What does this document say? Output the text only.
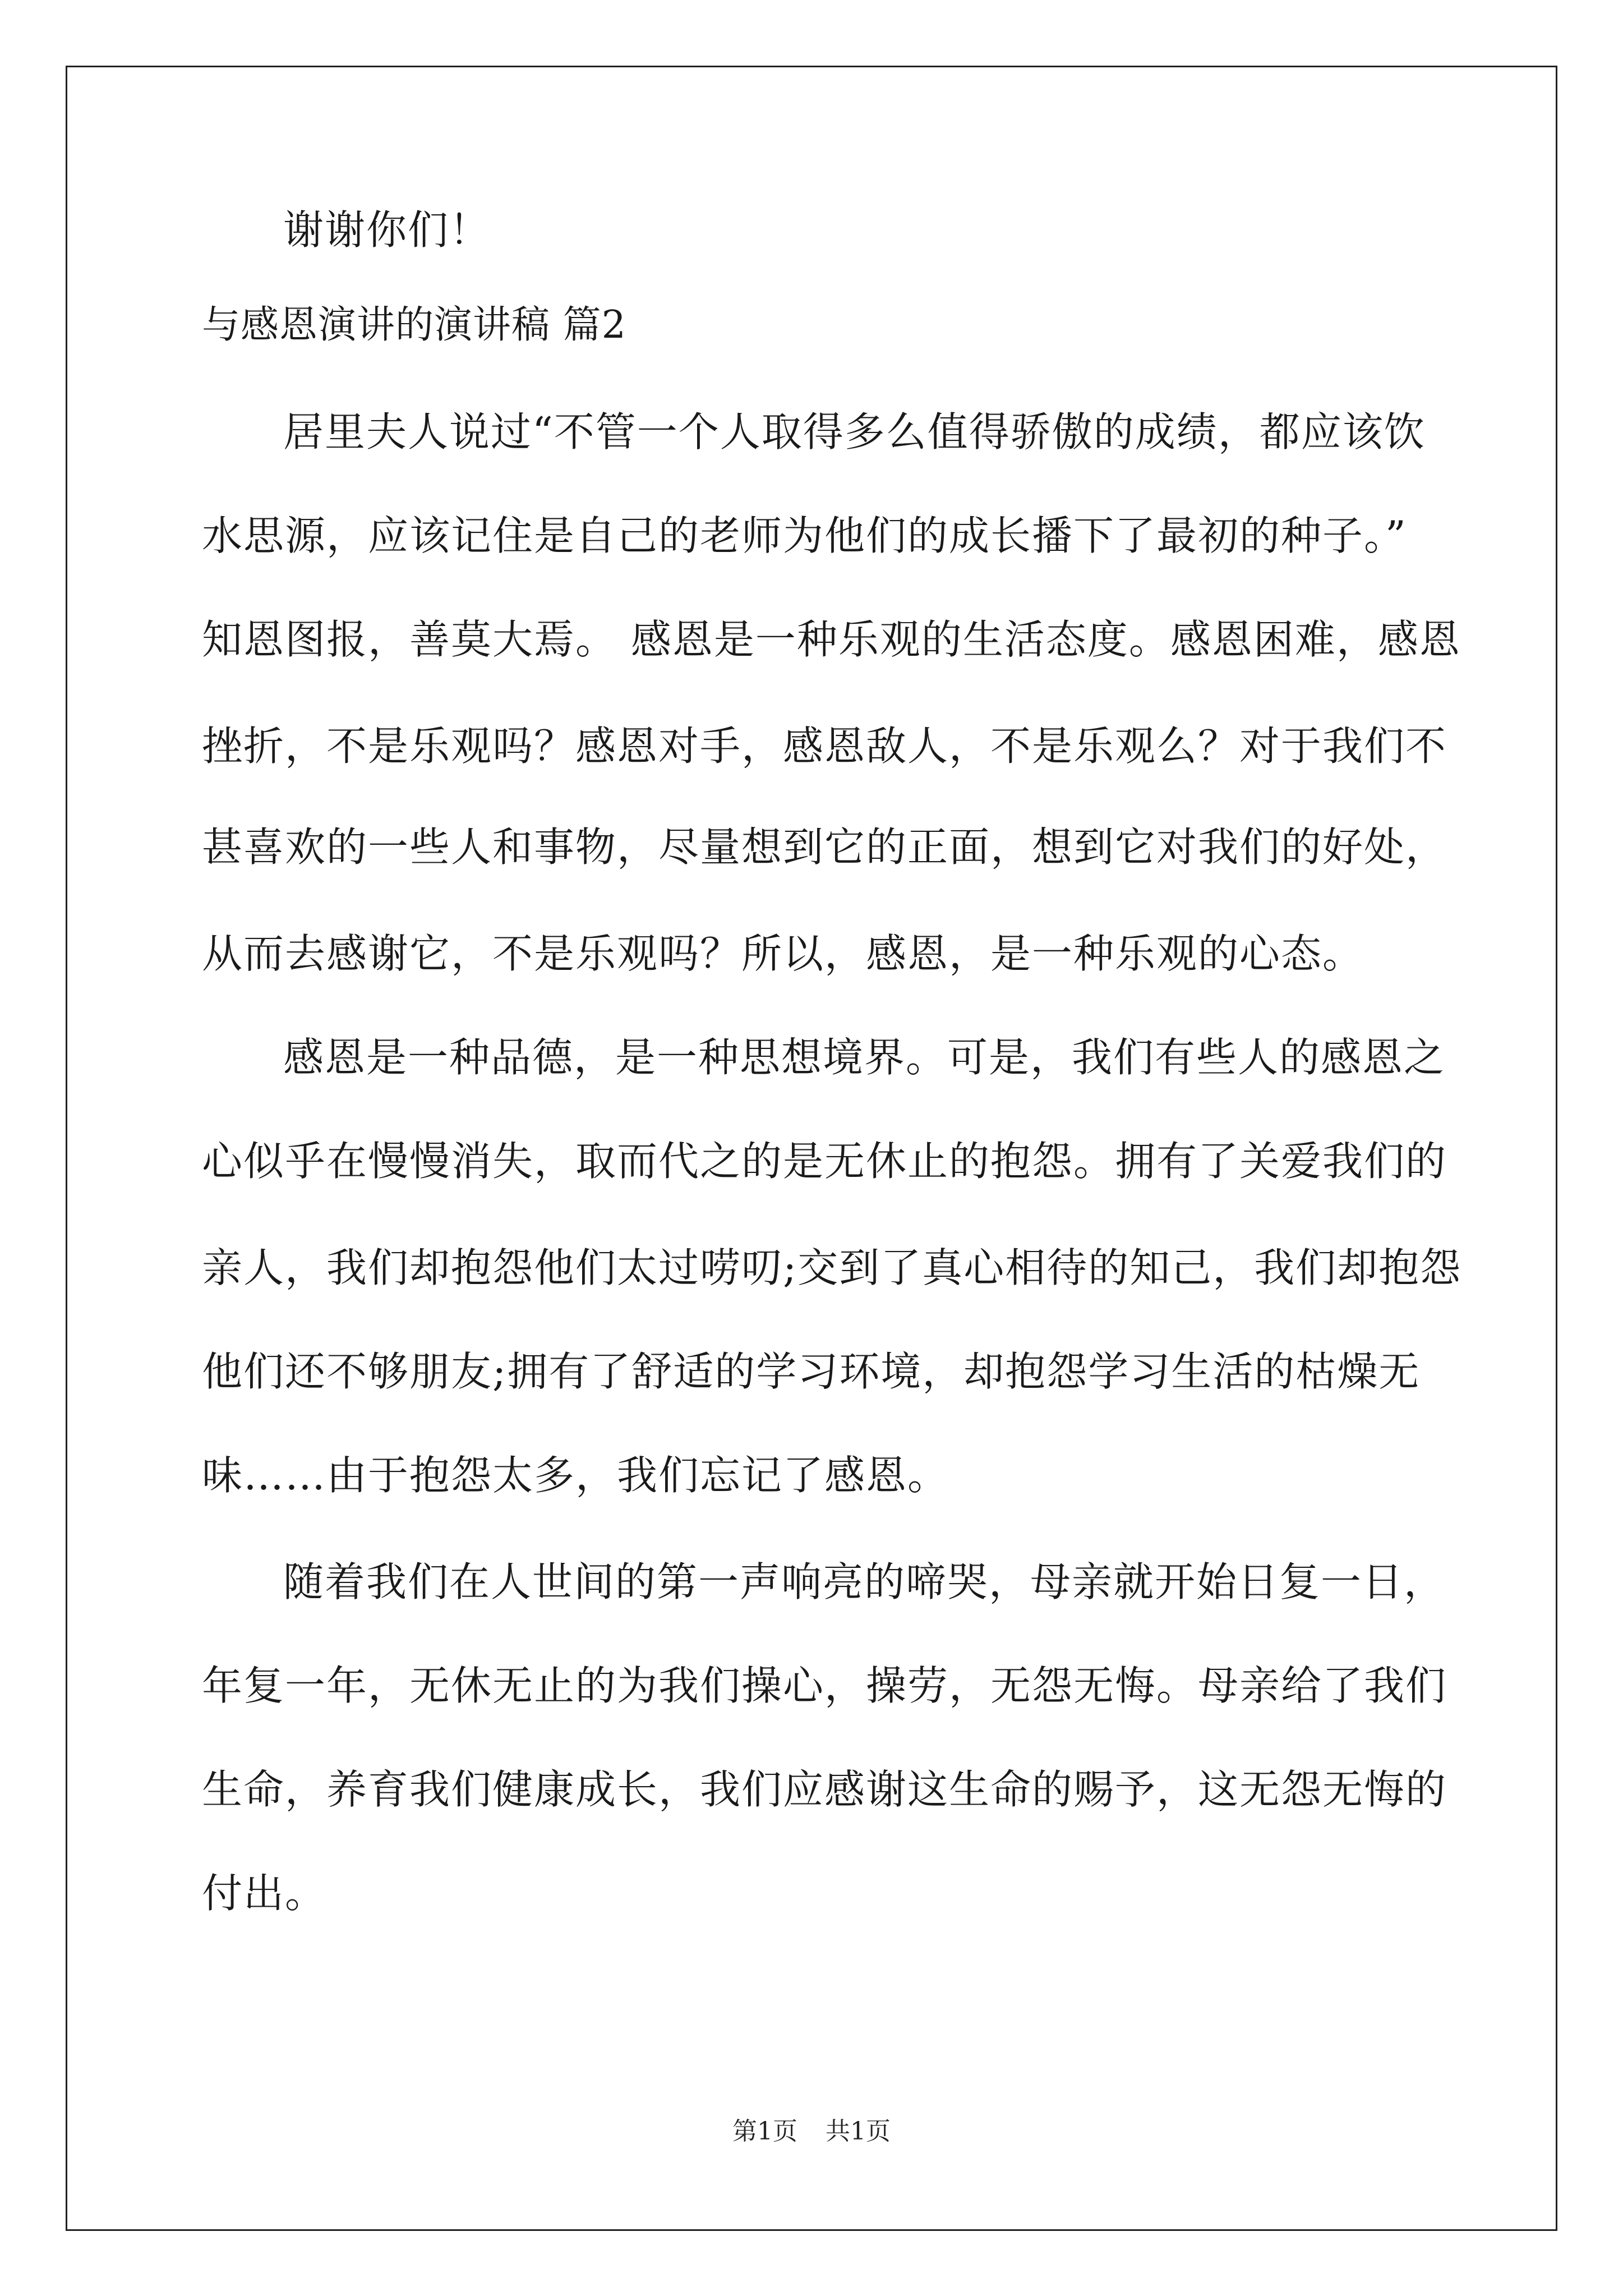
谢谢你们！
与感恩演讲的演讲稿 篇2
居里夫人说过“不管一个人取得多么值得骄傲的成绩，都应该饮
水思源，应该记住是自己的老师为他们的成长播下了最初的种子。”
知恩图报，善莫大焉。 感恩是一种乐观的生活态度。感恩困难，感恩
挫折，不是乐观吗？感恩对手，感恩敌人，不是乐观么？对于我们不
甚喜欢的一些人和事物，尽量想到它的正面，想到它对我们的好处，
从而去感谢它，不是乐观吗？所以，感恩，是一种乐观的心态。
感恩是一种品德，是一种思想境界。可是，我们有些人的感恩之
心似乎在慢慢消失，取而代之的是无休止的抱怨。拥有了关爱我们的
亲人，我们却抱怨他们太过唠叨;交到了真心相待的知己，我们却抱怨
他们还不够朋友;拥有了舒适的学习环境，却抱怨学习生活的枯燥无
味……由于抱怨太多，我们忘记了感恩。
随着我们在人世间的第一声响亮的啼哭，母亲就开始日复一日，
年复一年，无休无止的为我们操心，操劳，无怨无悔。母亲给了我们
生命，养育我们健康成长，我们应感谢这生命的赐予，这无怨无悔的
付出。
第1页 共1页
